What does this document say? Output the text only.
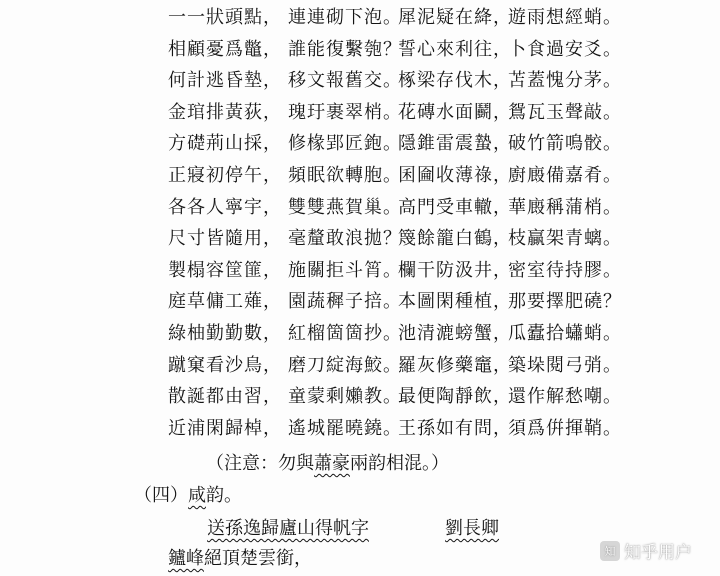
一一狀頭點， 連連砌下泡。
犀泥疑在絳，
遊雨想經蛸。
相顧憂爲鼈， 誰能復繫匏？
誓心來利往，
卜食過安爻。
何計逃昏墊， 移文報舊交。
椓梁存伐木，
苫蓋愧分茅。
金琯排黃荻， 瑰玗裹翠梢。
花磚水面鬬，
鴛瓦玉聲敲。
方礎荊山採， 修椽郢匠鉋。
隱錐雷震蟄，
破竹箭鳴骹。
正寢初停午， 頻眠欲轉胞。
囷圇收薄祿，
廚廄備嘉肴。
各各人寧宇， 雙雙燕賀巢。
高門受車轍，
華廄稱蒲梢。
尺寸皆隨用， 毫釐敢浪拋？
篾餘籠白鶴，
枝贏架青螭。
製榻容筐篚， 施關拒斗筲。
欄干防汲井，
密室待持膠。
庭草傭工薙， 園蔬穉子掊。
本圖閑種植，
那要擇肥磽？
綠柚勤勤數， 紅榴箇箇抄。
池清漉螃蟹，
瓜蠹拾蠨蛸。
蹴窠看沙鳥， 磨刀綻海鮫。
羅灰修藥竈，
築垛閱弓弰。
散誕都由習， 童蒙剩嬾教。
最便陶靜飲，
還作解愁嘲。
近浦閑歸棹， 遙城罷曉鐃。
王孫如有問，
須爲倂揮鞘。
（注意：勿與蕭豪兩韵相混。）
（四）咸韵。
送孫逸歸廬山得帆字	劉長卿
鑪峰絕頂楚雲銜，	知 知乎用户
